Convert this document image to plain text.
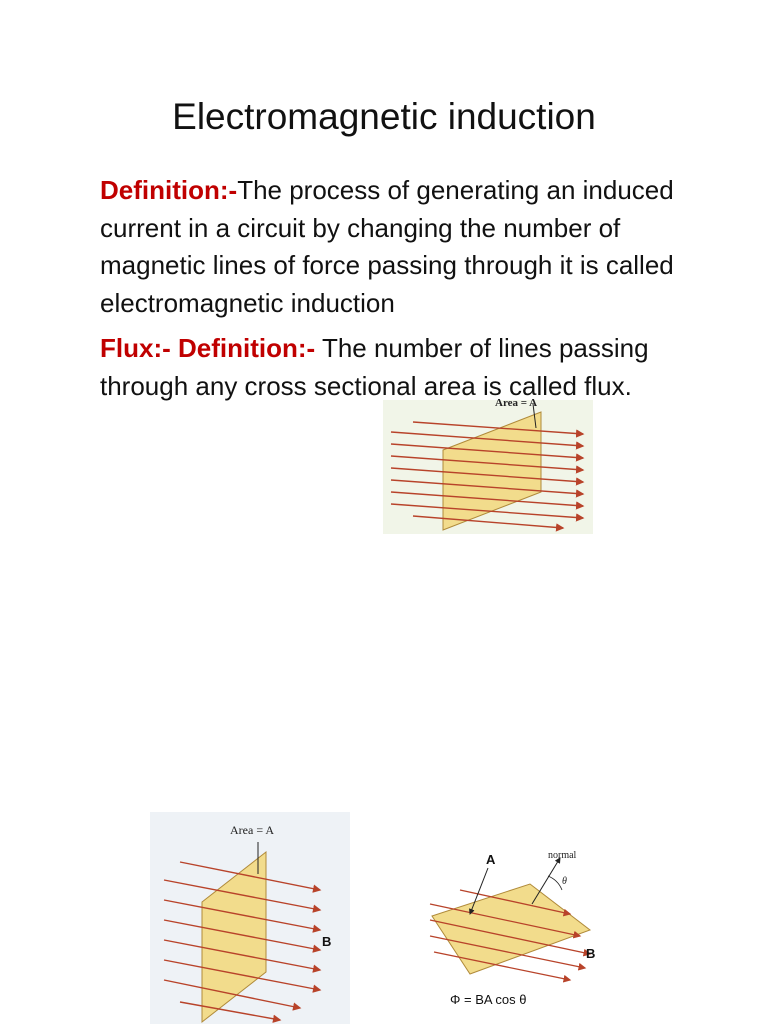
Electromagnetic induction
Definition:-The process of generating an induced current in a circuit by changing the number of magnetic lines of force passing through it is called electromagnetic induction
Flux:- Definition:- The number of lines passing through any cross sectional area is called flux.
Area = A
Area = A
B
A	normal
θ
B
Φ = BA cos θ
